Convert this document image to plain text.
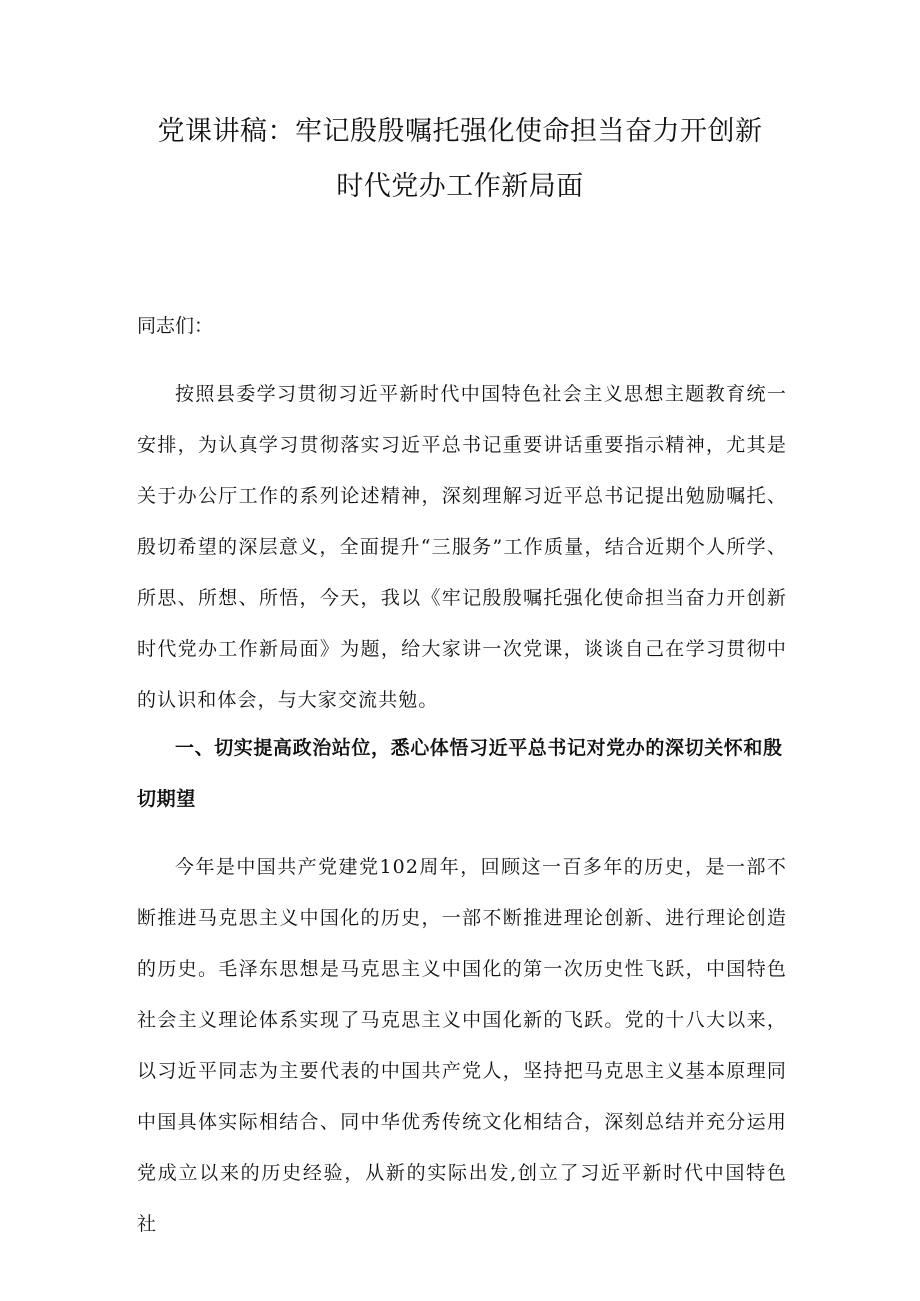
党课讲稿：牢记殷殷嘱托强化使命担当奋力开创新
时代党办工作新局面

同志们：

按照县委学习贯彻习近平新时代中国特色社会主义思想主题教育统一安排，为认真学习贯彻落实习近平总书记重要讲话重要指示精神，尤其是关于办公厅工作的系列论述精神，深刻理解习近平总书记提出勉励嘱托、殷切希望的深层意义，全面提升“三服务”工作质量，结合近期个人所学、所思、所想、所悟，今天，我以《牢记殷殷嘱托强化使命担当奋力开创新时代党办工作新局面》为题，给大家讲一次党课，谈谈自己在学习贯彻中的认识和体会，与大家交流共勉。

一、切实提高政治站位，悉心体悟习近平总书记对党办的深切关怀和殷切期望

今年是中国共产党建党102周年，回顾这一百多年的历史，是一部不断推进马克思主义中国化的历史，一部不断推进理论创新、进行理论创造的历史。毛泽东思想是马克思主义中国化的第一次历史性飞跃，中国特色社会主义理论体系实现了马克思主义中国化新的飞跃。党的十八大以来，以习近平同志为主要代表的中国共产党人，坚持把马克思主义基本原理同中国具体实际相结合、同中华优秀传统文化相结合，深刻总结并充分运用党成立以来的历史经验，从新的实际出发,创立了习近平新时代中国特色社
